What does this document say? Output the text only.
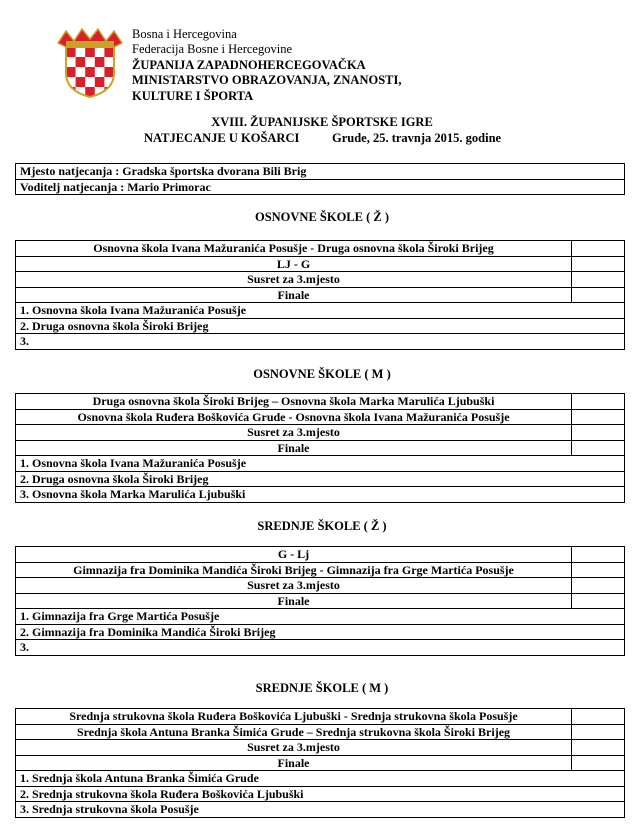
Bosna i Hercegovina
Federacija Bosne i Hercegovine
ŽUPANIJA ZAPADNOHERCEGOVAČKA
MINISTARSTVO OBRAZOVANJA, ZNANOSTI,
KULTURE I ŠPORTA
XVIII. ŽUPANIJSKE ŠPORTSKE IGRE
NATJECANJE U KOŠARCI	Grude, 25. travnja 2015. godine
Mjesto natjecanja : Gradska športska dvorana Bili Brig
Voditelj natjecanja : Mario Primorac
OSNOVNE ŠKOLE ( Ž )
Osnovna škola Ivana Mažuranića Posušje - Druga osnovna škola Široki Brijeg	
LJ - G	
Susret za 3.mjesto	
Finale	
1. Osnovna škola Ivana Mažuranića Posušje	
2. Druga osnovna škola Široki Brijeg	
3.	
OSNOVNE ŠKOLE ( M )
Druga osnovna škola Široki Brijeg – Osnovna škola Marka Marulića Ljubuški	
Osnovna škola Ruđera Boškovića Grude - Osnovna škola Ivana Mažuranića Posušje	
Susret za 3.mjesto	
Finale	
1. Osnovna škola Ivana Mažuranića Posušje	
2. Druga osnovna škola Široki Brijeg	
3. Osnovna škola Marka Marulića Ljubuški	
SREDNJE ŠKOLE ( Ž )
G - Lj	
Gimnazija fra Dominika Mandića Široki Brijeg - Gimnazija fra Grge Martića Posušje	
Susret za 3.mjesto	
Finale	
1. Gimnazija fra Grge Martića Posušje	
2. Gimnazija fra Dominika Mandića Široki Brijeg	
3.	
SREDNJE ŠKOLE ( M )
Srednja strukovna škola Ruđera Boškovića Ljubuški - Srednja strukovna škola Posušje	
Srednja škola Antuna Branka Šimića Grude – Srednja strukovna škola Široki Brijeg	
Susret za 3.mjesto	
Finale	
1. Srednja škola Antuna Branka Šimića Grude	
2. Srednja strukovna škola Ruđera Boškovića Ljubuški	
3. Srednja strukovna škola Posušje	
